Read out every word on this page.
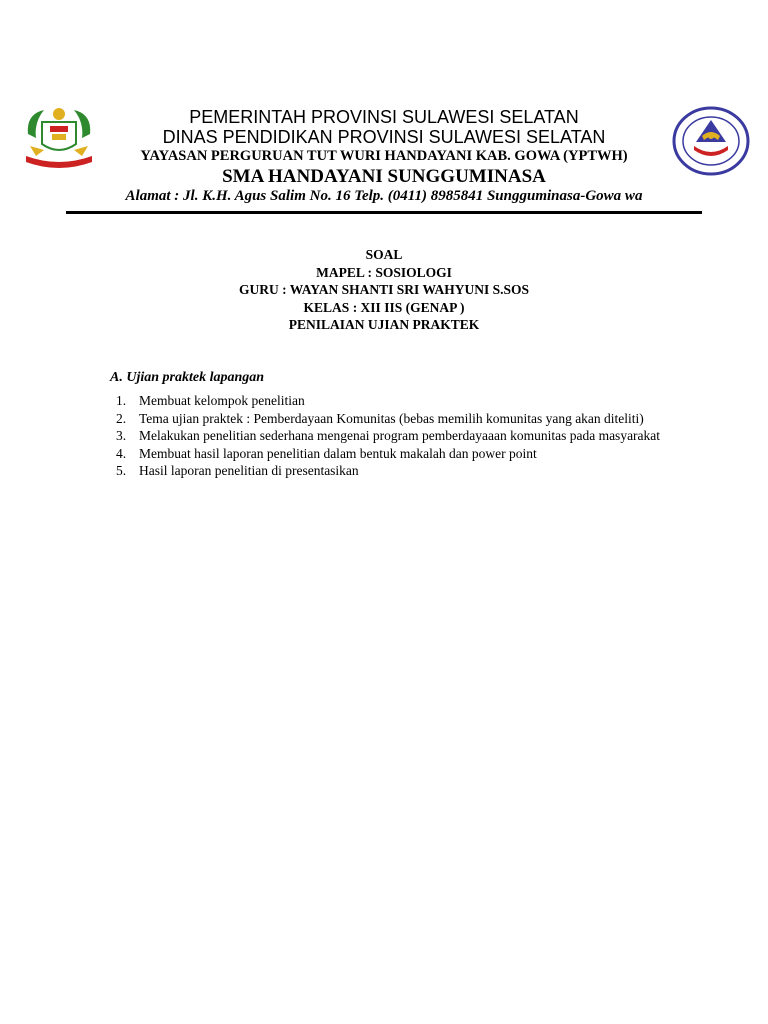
PEMERINTAH PROVINSI SULAWESI SELATAN
DINAS PENDIDIKAN PROVINSI SULAWESI SELATAN
YAYASAN PERGURUAN TUT WURI HANDAYANI KAB. GOWA (YPTWH)
SMA HANDAYANI SUNGGUMINASA
Alamat : Jl. K.H. Agus Salim No. 16 Telp. (0411) 8985841 Sungguminasa-Gowa wa
SOAL
MAPEL : SOSIOLOGI
GURU : WAYAN SHANTI SRI WAHYUNI S.SOS
KELAS : XII IIS (GENAP )
PENILAIAN UJIAN PRAKTEK
A. Ujian praktek lapangan
1. Membuat kelompok penelitian
2. Tema ujian praktek : Pemberdayaan Komunitas (bebas memilih komunitas yang akan diteliti)
3. Melakukan penelitian sederhana mengenai program pemberdayaaan komunitas pada masyarakat
4. Membuat hasil laporan penelitian dalam bentuk makalah dan power point
5. Hasil laporan penelitian di presentasikan
